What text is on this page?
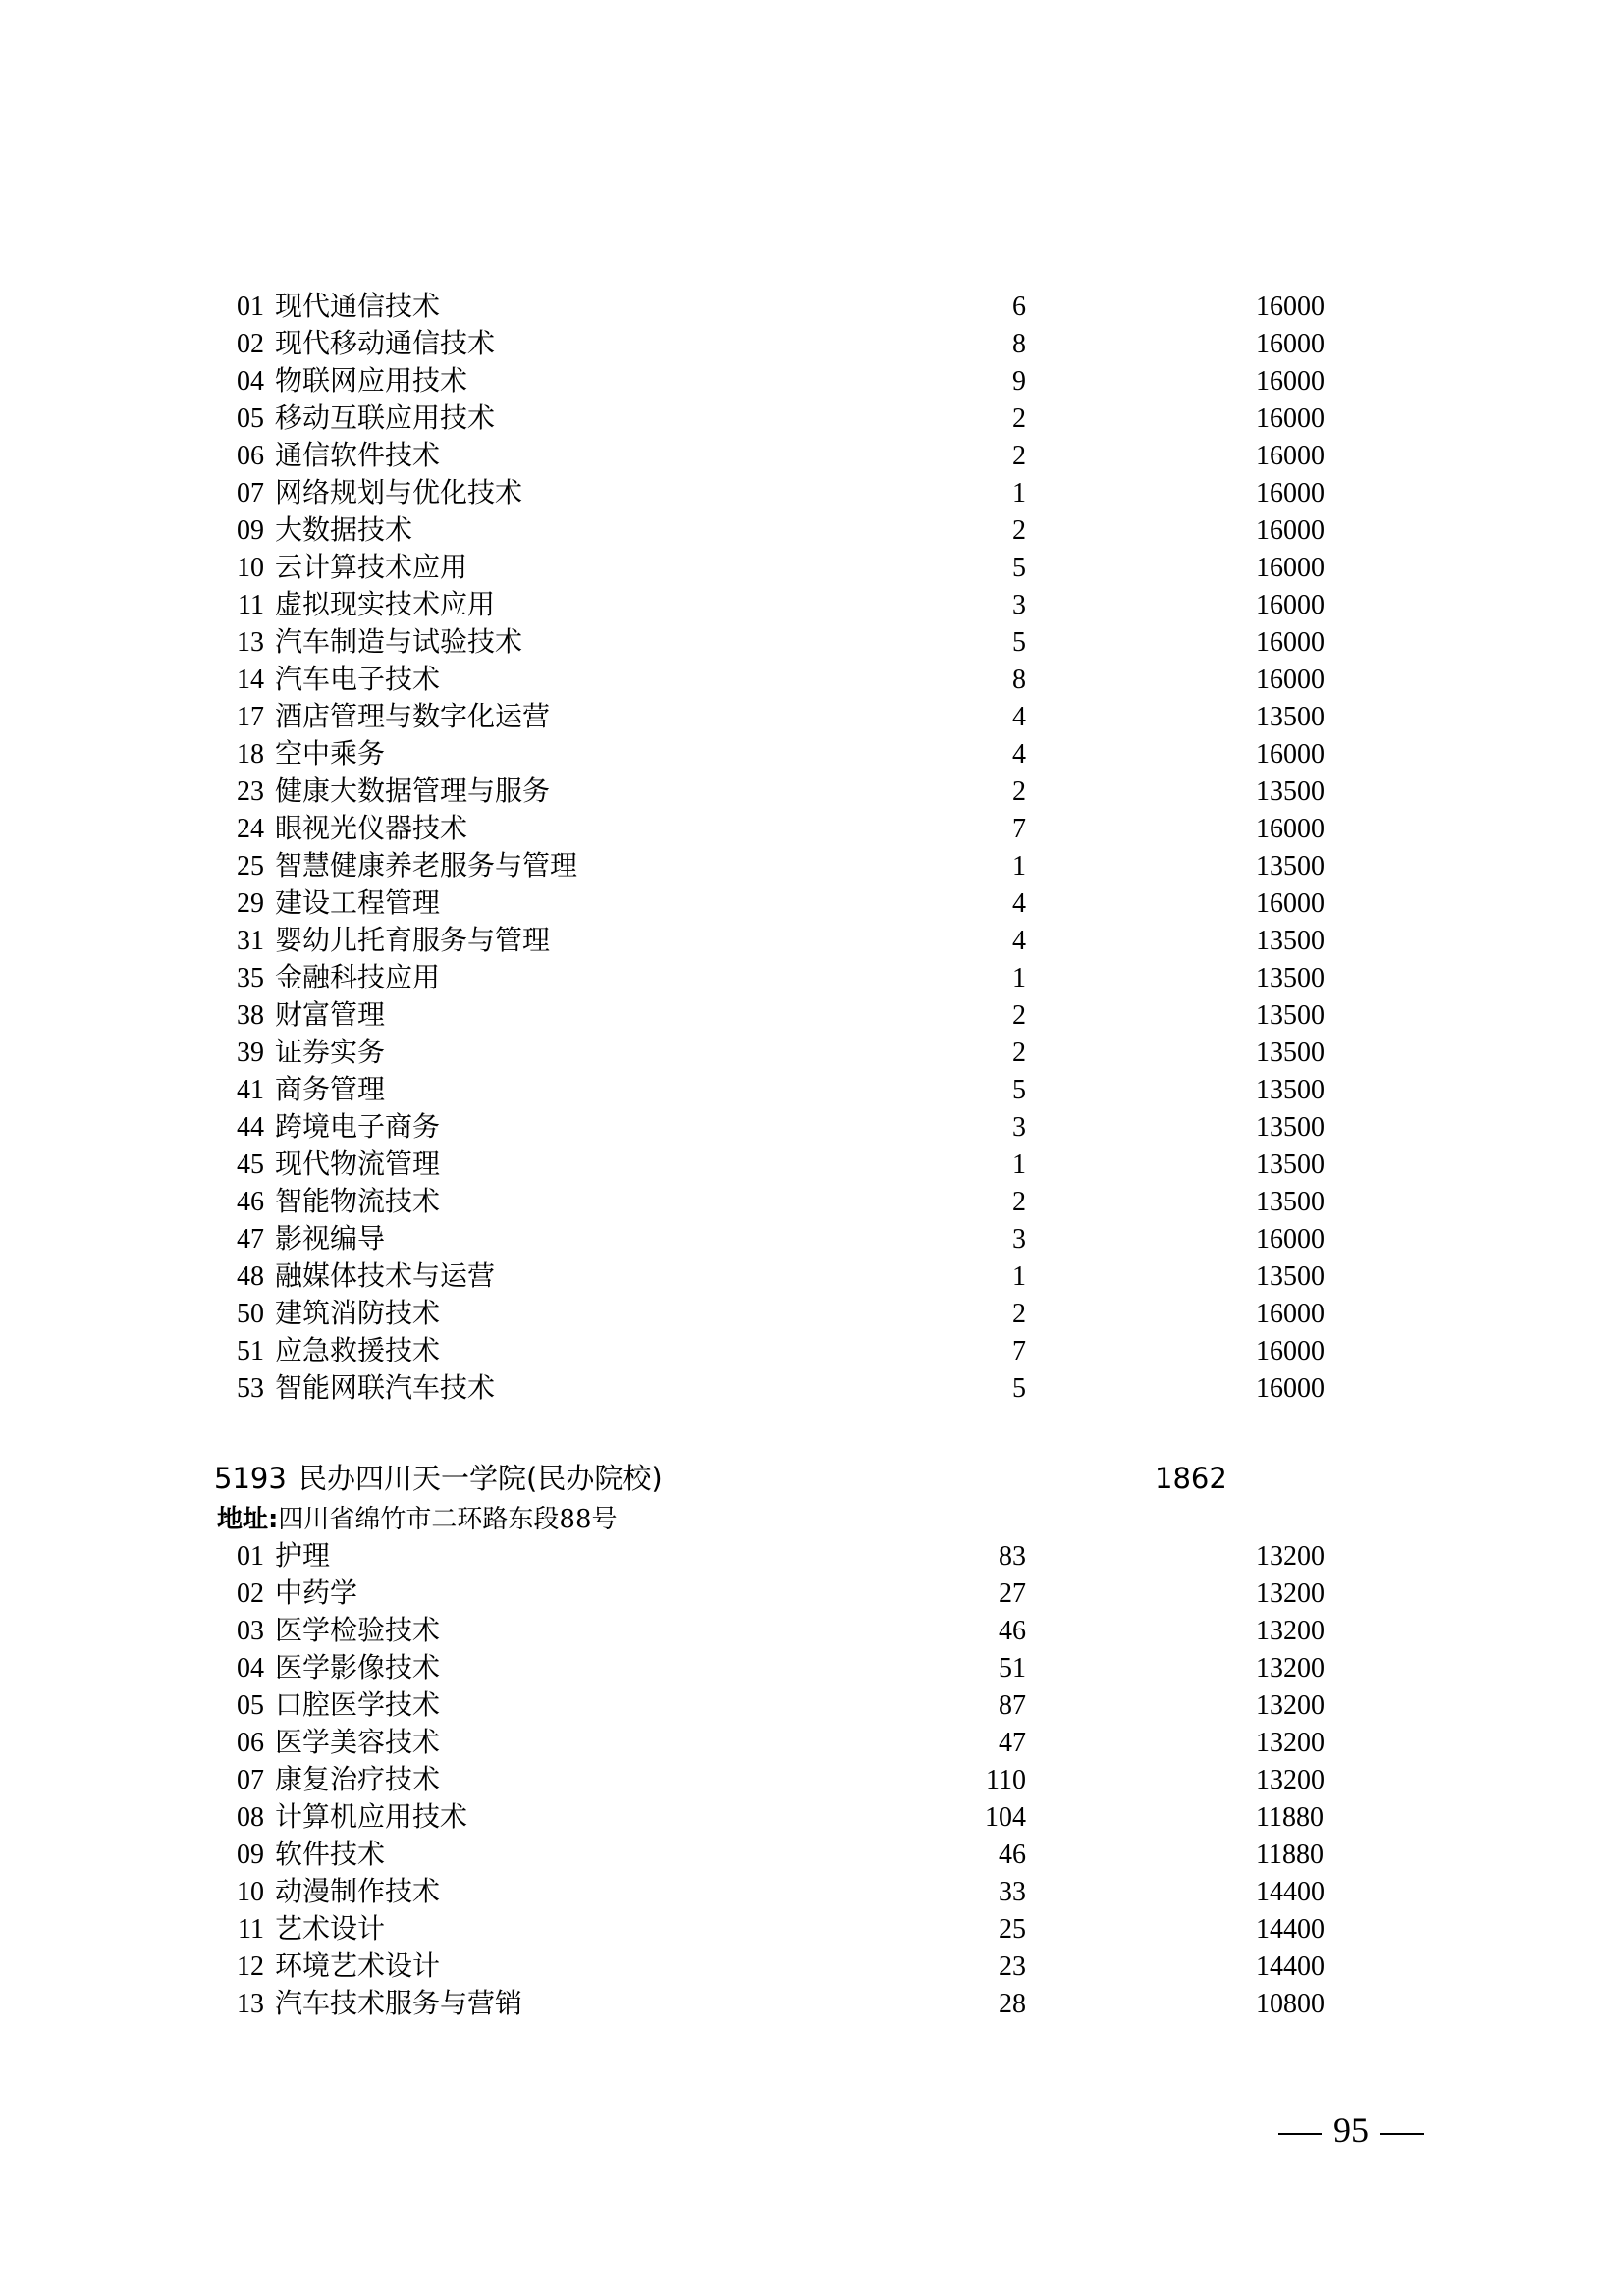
01 现代通信技术	6	16000
02 现代移动通信技术	8	16000
04 物联网应用技术	9	16000
05 移动互联应用技术	2	16000
06 通信软件技术	2	16000
07 网络规划与优化技术	1	16000
09 大数据技术	2	16000
10 云计算技术应用	5	16000
11 虚拟现实技术应用	3	16000
13 汽车制造与试验技术	5	16000
14 汽车电子技术	8	16000
17 酒店管理与数字化运营	4	13500
18 空中乘务	4	16000
23 健康大数据管理与服务	2	13500
24 眼视光仪器技术	7	16000
25 智慧健康养老服务与管理	1	13500
29 建设工程管理	4	16000
31 婴幼儿托育服务与管理	4	13500
35 金融科技应用	1	13500
38 财富管理	2	13500
39 证券实务	2	13500
41 商务管理	5	13500
44 跨境电子商务	3	13500
45 现代物流管理	1	13500
46 智能物流技术	2	13500
47 影视编导	3	16000
48 融媒体技术与运营	1	13500
50 建筑消防技术	2	16000
51 应急救援技术	7	16000
53 智能网联汽车技术	5	16000
5193 民办四川天一学院(民办院校)	1862
地址:四川省绵竹市二环路东段88号
01 护理	83	13200
02 中药学	27	13200
03 医学检验技术	46	13200
04 医学影像技术	51	13200
05 口腔医学技术	87	13200
06 医学美容技术	47	13200
07 康复治疗技术	110	13200
08 计算机应用技术	104	11880
09 软件技术	46	11880
10 动漫制作技术	33	14400
11 艺术设计	25	14400
12 环境艺术设计	23	14400
13 汽车技术服务与营销	28	10800
95
